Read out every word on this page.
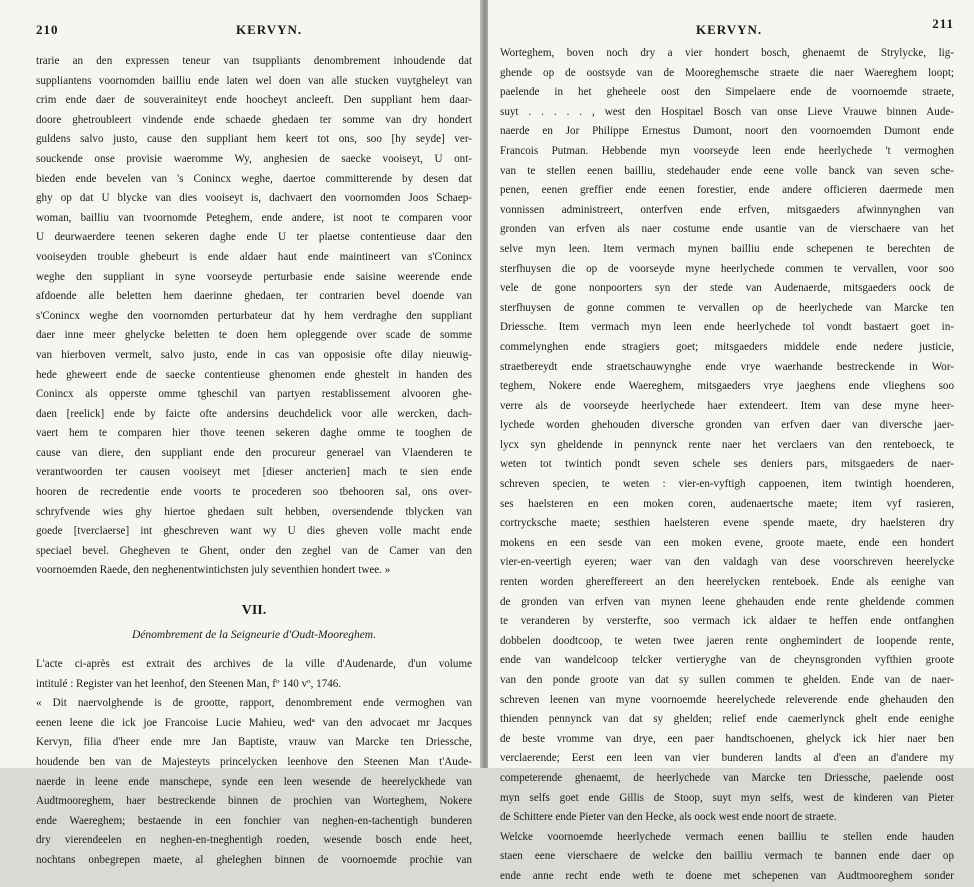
210	KERVYN.
trarie an den expressen teneur van tsuppliants denombrement inhoudende dat
suppliantens voornomden bailliu ende laten wel doen van alle stucken vuytgheleyt van
crim ende daer de souverainiteyt ende hoocheyt ancleeft. Den suppliant hem daar-
doore ghetroubleert vindende ende schaede ghedaen ter somme van dry hondert
guldens salvo justo, cause den suppliant hem keert tot ons, soo [hy seyde] ver-
souckende onse provisie waeromme Wy, anghesien de saecke vooiseyt, U ont-
bieden ende bevelen van 's Conincx weghe, daertoe committerende by desen dat
ghy op dat U blycke van dies vooiseyt is, dachvaert den voornomden Joos Schaep-
woman, bailliu van tvoornomde Peteghem, ende andere, ist noot te comparen voor
U deurwaerdere teenen sekeren daghe ende U ter plaetse contentieuse daar den
vooiseyden trouble ghebeurt is ende aldaer haut ende maintineert van s'Conincx
weghe den suppliant in syne voorseyde perturbasie ende saisine weerende ende
afdoende alle beletten hem daerinne ghedaen, ter contrarien bevel doende van
s'Conincx weghe den voornomden perturbateur dat hy hem verdraghe den suppliant
daer inne meer ghelycke beletten te doen hem opleggende over scade de somme
van hierboven vermelt, salvo justo, ende in cas van opposisie ofte dilay nieuwig-
hede gheweert ende de saecke contentieuse ghenomen ende ghestelt in handen des
Conincx als opperste omme tgheschil van partyen restablissement alvooren ghe-
daen [reelick] ende by faicte ofte andersins deuchdelick voor alle wercken, dach-
vaert hem te comparen hier thove teenen sekeren daghe omme te tooghen de
cause van diere, den suppliant ende den procureur generael van Vlaenderen te
verantwoorden ter causen vooiseyt met [dieser ancterien] mach te sien ende
hooren de recredentie ende voorts te procederen soo tbehooren sal, ons over-
schryfvende wies ghy hiertoe ghedaen sult hebben, oversendende tblycken van
goede [tverclaerse] int gheschreven want wy U dies gheven volle macht ende
speciael bevel. Ghegheven te Ghent, onder den zeghel van de Camer van den
voornoemden Raede, den neghenentwintichsten july seventhien hondert twee. »
VII.
Dénombrement de la Seigneurie d'Oudt-Mooreghem.
L'acte ci-après est extrait des archives de la ville d'Audenarde, d'un volume
intitulé : Register van het leenhof, den Steenen Man, fº 140 vº, 1746.
« Dit naervolghende is de grootte, rapport, denombrement ende vermoghen van
eenen leene die ick joe Francoise Lucie Mahieu, wedª van den advocaet mr Jacques
Kervyn, filia d'heer ende mre Jan Baptiste, vrauw van Marcke ten Driessche,
houdende ben van de Majesteyts princelycken leenhove den Steenen Man t'Aude-
naerde in leene ende manschepe, synde een leen wesende de heerelyckhede van
Audtmooreghem, haer bestreckende binnen de prochien van Worteghem, Nokere
ende Waereghem; bestaende in een fonchier van neghen-en-tachentigh bunderen
dry vierendeelen en neghen-en-tneghentigh roeden, wesende bosch ende heet,
nochtans onbegrepen maete, al gheleghen binnen de voornoemde prochie van
KERVYN.	211
Worteghem, boven noch dry a vier hondert bosch, ghenaemt de Strylycke, lig-
ghende op de oostsyde van de Mooreghemsche straete die naer Waereghem loopt;
paelende in het gheheele oost den Simpelaere ende de voornoemde straete,
suyt . . . . . , west den Hospitael Bosch van onse Lieve Vrauwe binnen Aude-
naerde en Jor Philippe Ernestus Dumont, noort den voornoemden Dumont ende
Francois Putman. Hebbende myn voorseyde leen ende heerlychede 't vermoghen
van te stellen eenen bailliu, stedehauder ende eene volle banck van seven sche-
penen, eenen greffier ende eenen forestier, ende andere officieren daermede men
vonnissen administreert, onterfven ende erfven, mitsgaeders afwinnynghen van
gronden van erfven als naer costume ende usantie van de vierschaere van het
selve myn leen. Item vermach mynen bailliu ende schepenen te berechten de
sterfhuysen die op de voorseyde myne heerlychede commen te vervallen, voor soo
vele de gone nonpoorters syn der stede van Audenaerde, mitsgaeders oock de
sterfhuysen de gonne commen te vervallen op de heerlychede van Marcke ten
Driessche. Item vermach myn leen ende heerlychede tol vondt bastaert goet in-
commelynghen ende stragiers goet; mitsgaeders middele ende nedere justicie,
straetbereydt ende straetschauwynghe ende vrye waerhande bestreckende in Wor-
teghem, Nokere ende Waereghem, mitsgaeders vrye jaeghens ende vlieghens soo
verre als de voorseyde heerlychede haer extendeert. Item van dese myne heer-
lychede worden ghehouden diversche gronden van erfven daer van diversche jaer-
lycx syn gheldende in pennynck rente naer het verclaers van den renteboeck, te
weten tot twintich pondt seven schele ses deniers pars, mitsgaeders de naer-
schreven specien, te weten : vier-en-vyftigh cappoenen, item twintigh hoenderen,
ses haelsteren en een moken coren, audenaertsche maete; item vyf rasieren,
cortrycksche maete; sesthien haelsteren evene spende maete, dry haelsteren dry
mokens en een sesde van een moken evene, groote maete, ende een hondert
vier-en-veertigh eyeren; waer van den valdagh van dese voorschreven heerelycke
renten worden ghereffereert an den heerelycken renteboek. Ende als eenighe van
de gronden van erfven van mynen leene ghehauden ende rente gheldende commen
te veranderen by versterfte, soo vermach ick aldaer te heffen ende ontfanghen
dobbelen doodtcoop, te weten twee jaeren rente onghemindert de loopende rente,
ende van wandelcoop telcker vertieryghe van de cheynsgronden vyfthien groote
van den ponde groote van dat sy sullen commen te ghelden. Ende van de naer-
schreven leenen van myne voornoemde heerelychede releverende ende ghehauden den
thienden pennynck van dat sy ghelden; relief ende caemerlynck ghelt ende eenighe
de beste vromme van drye, een paer handtschoenen, ghelyck ick hier naer ben
verclaerende; Eerst een leen van vier bunderen landts al d'een an d'andere my
competerende ghenaemt, de heerlychede van Marcke ten Driessche, paelende oost
myn selfs goet ende Gillis de Stoop, suyt myn selfs, west de kinderen van Pieter
de Schittere ende Pieter van den Hecke, als oock west ende noort de straete.
Welcke voornoemde heerlychede vermach eenen bailliu te stellen ende hauden
staen eene vierschaere de welcke den bailliu vermach te bannen ende daer op
ende anne recht ende weth te doene met schepenen van Audtmooreghem sonder
